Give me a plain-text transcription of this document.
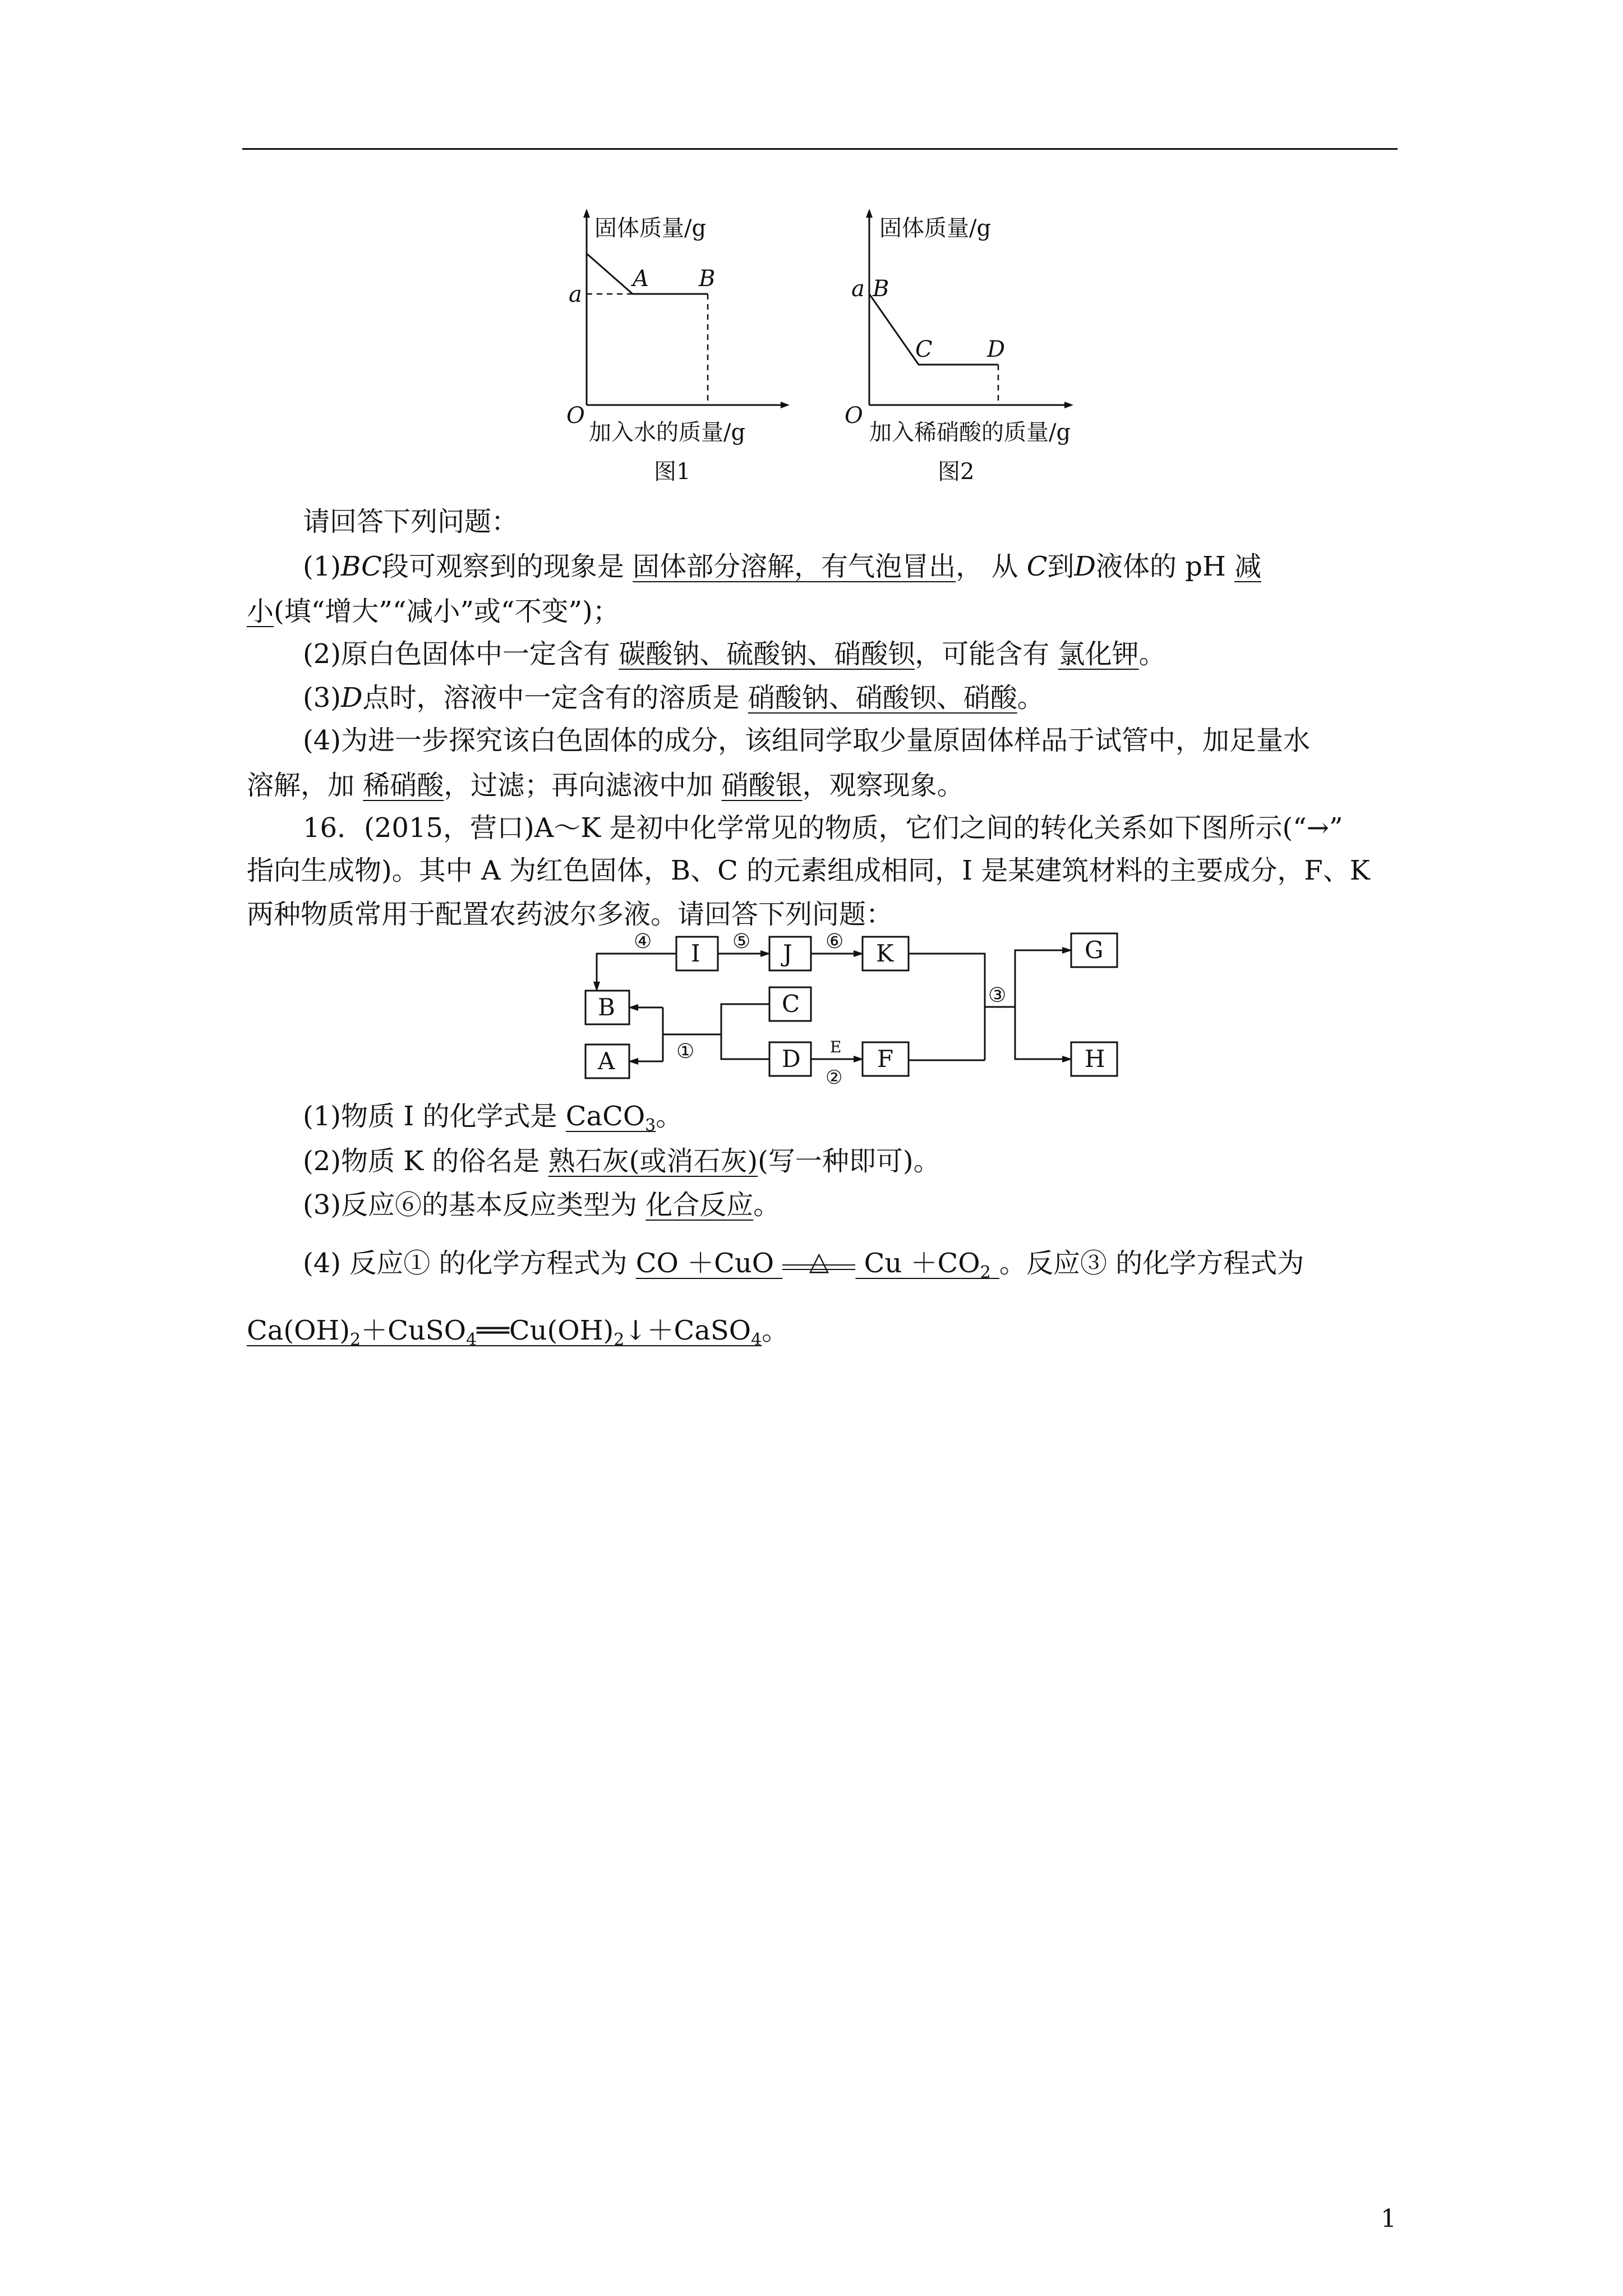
固体质量/g
a
A B
O
加入水的质量/g
图1
固体质量/g
a B
C D
O
加入稀硝酸的质量/g
图2
请回答下列问题：
(1)BC段可观察到的现象是 固体部分溶解，有气泡冒出， 从 C到D液体的 pH 减
小(填“增大”“减小”或“不变”)；
(2)原白色固体中一定含有 碳酸钠、硫酸钠、硝酸钡，可能含有 氯化钾。
(3)D点时，溶液中一定含有的溶质是 硝酸钠、硝酸钡、硝酸。
(4)为进一步探究该白色固体的成分，该组同学取少量原固体样品于试管中，加足量水
溶解，加 稀硝酸，过滤；再向滤液中加 硝酸银，观察现象。
16．(2015，营口)A～K 是初中化学常见的物质，它们之间的转化关系如下图所示(“→”
指向生成物)。其中 A 为红色固体，B、C 的元素组成相同，I 是某建筑材料的主要成分，F、K
两种物质常用于配置农药波尔多液。请回答下列问题：
B
I	J	K	G
C
A	D	F	H
④	⑤	⑥
③
①	E
②
(1)物质 I 的化学式是 CaCO$_3$。
(2)物质 K 的俗名是 熟石灰(或消石灰)(写一种即可)。
(3)反应⑥的基本反应类型为 化合反应。
(4) 反应① 的化学方程式为 CO ＋CuO	△	$Cu +CO_2$ 。反应③ 的化学方程式为
$Ca(OH)_2+CuSO_4══Cu(OH)_2↓+CaSO_4$。
1
